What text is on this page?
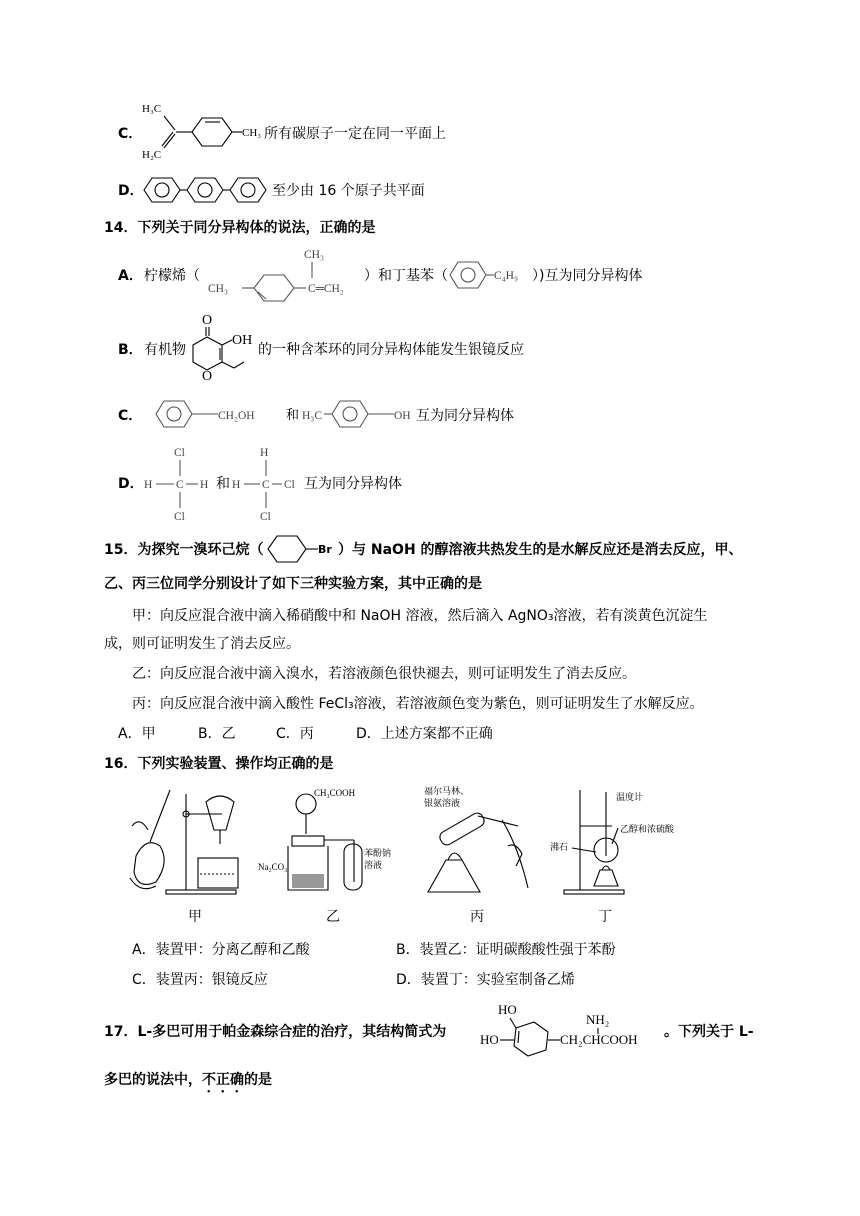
C．
H₃C
H₂C
CH₃ 所有碳原子一定在同一平面上
D．	至少由 16 个原子共平面
14．下列关于同分异构体的说法，正确的是
A． 柠檬烯（
CH₃
CH₃
C═CH₂
）和丁基苯（	C₄H₉ ）)互为同分异构体
B． 有机物
O
OH
O
的一种含苯环的同分异构体能发生银镜反应
C．	CH₂OH 和 H₃C	OH 互为同分异构体
D．
Cl
H C H
Cl
和
H
H C Cl
Cl
互为同分异构体
15．为探究一溴环己烷（	Br ）与 NaOH 的醇溶液共热发生的是水解反应还是消去反应，甲、
乙、丙三位同学分别设计了如下三种实验方案，其中正确的是
甲：向反应混合液中滴入稀硝酸中和 NaOH 溶液，然后滴入 AgNO₃溶液，若有淡黄色沉淀生
成，则可证明发生了消去反应。
乙：向反应混合液中滴入溴水，若溶液颜色很快褪去，则可证明发生了消去反应。
丙：向反应混合液中滴入酸性 FeCl₃溶液，若溶液颜色变为紫色，则可证明发生了水解反应。
A．甲	B．乙	C．丙	D．上述方案都不正确
16．下列实验装置、操作均正确的是
CH₃COOH
Na₂CO₃
苯酚钠
溶液
福尔马林、
银氨溶液
温度计
乙醇和浓硫酸
沸石
甲	乙	丙	丁
A．装置甲：分离乙醇和乙酸	B．装置乙：证明碳酸酸性强于苯酚
C．装置丙：银镜反应	D．装置丁：实验室制备乙烯
17．L-多巴可用于帕金森综合症的治疗，其结构简式为
HO
HO
NH₂
CH₂CHCOOH 。下列关于 L-
多巴的说法中，不正确的是
